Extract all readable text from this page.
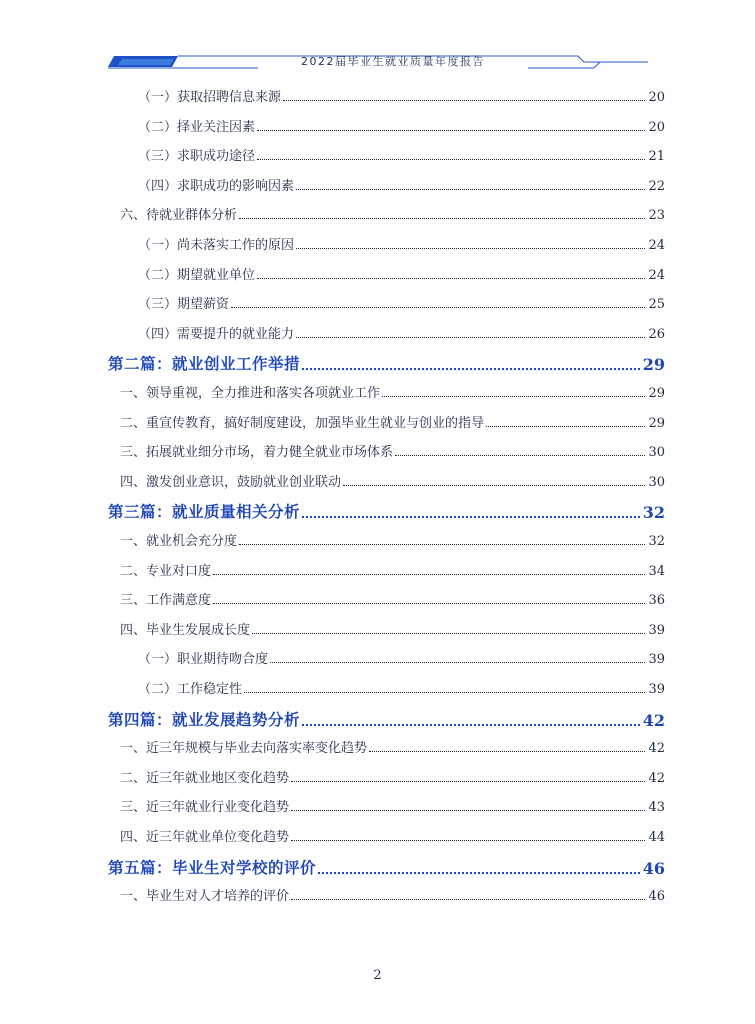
2022届毕业生就业质量年度报告
（一）获取招聘信息来源	20
（二）择业关注因素	20
（三）求职成功途径	21
（四）求职成功的影响因素	22
六、待就业群体分析	23
（一）尚未落实工作的原因	24
（二）期望就业单位	24
（三）期望薪资	25
（四）需要提升的就业能力	26
第二篇：就业创业工作举措	29
一、领导重视，全力推进和落实各项就业工作	29
二、重宣传教育，搞好制度建设，加强毕业生就业与创业的指导	29
三、拓展就业细分市场，着力健全就业市场体系	30
四、激发创业意识，鼓励就业创业联动	30
第三篇：就业质量相关分析	32
一、就业机会充分度	32
二、专业对口度	34
三、工作满意度	36
四、毕业生发展成长度	39
（一）职业期待吻合度	39
（二）工作稳定性	39
第四篇：就业发展趋势分析	42
一、近三年规模与毕业去向落实率变化趋势	42
二、近三年就业地区变化趋势	42
三、近三年就业行业变化趋势	43
四、近三年就业单位变化趋势	44
第五篇：毕业生对学校的评价	46
一、毕业生对人才培养的评价	46
2
